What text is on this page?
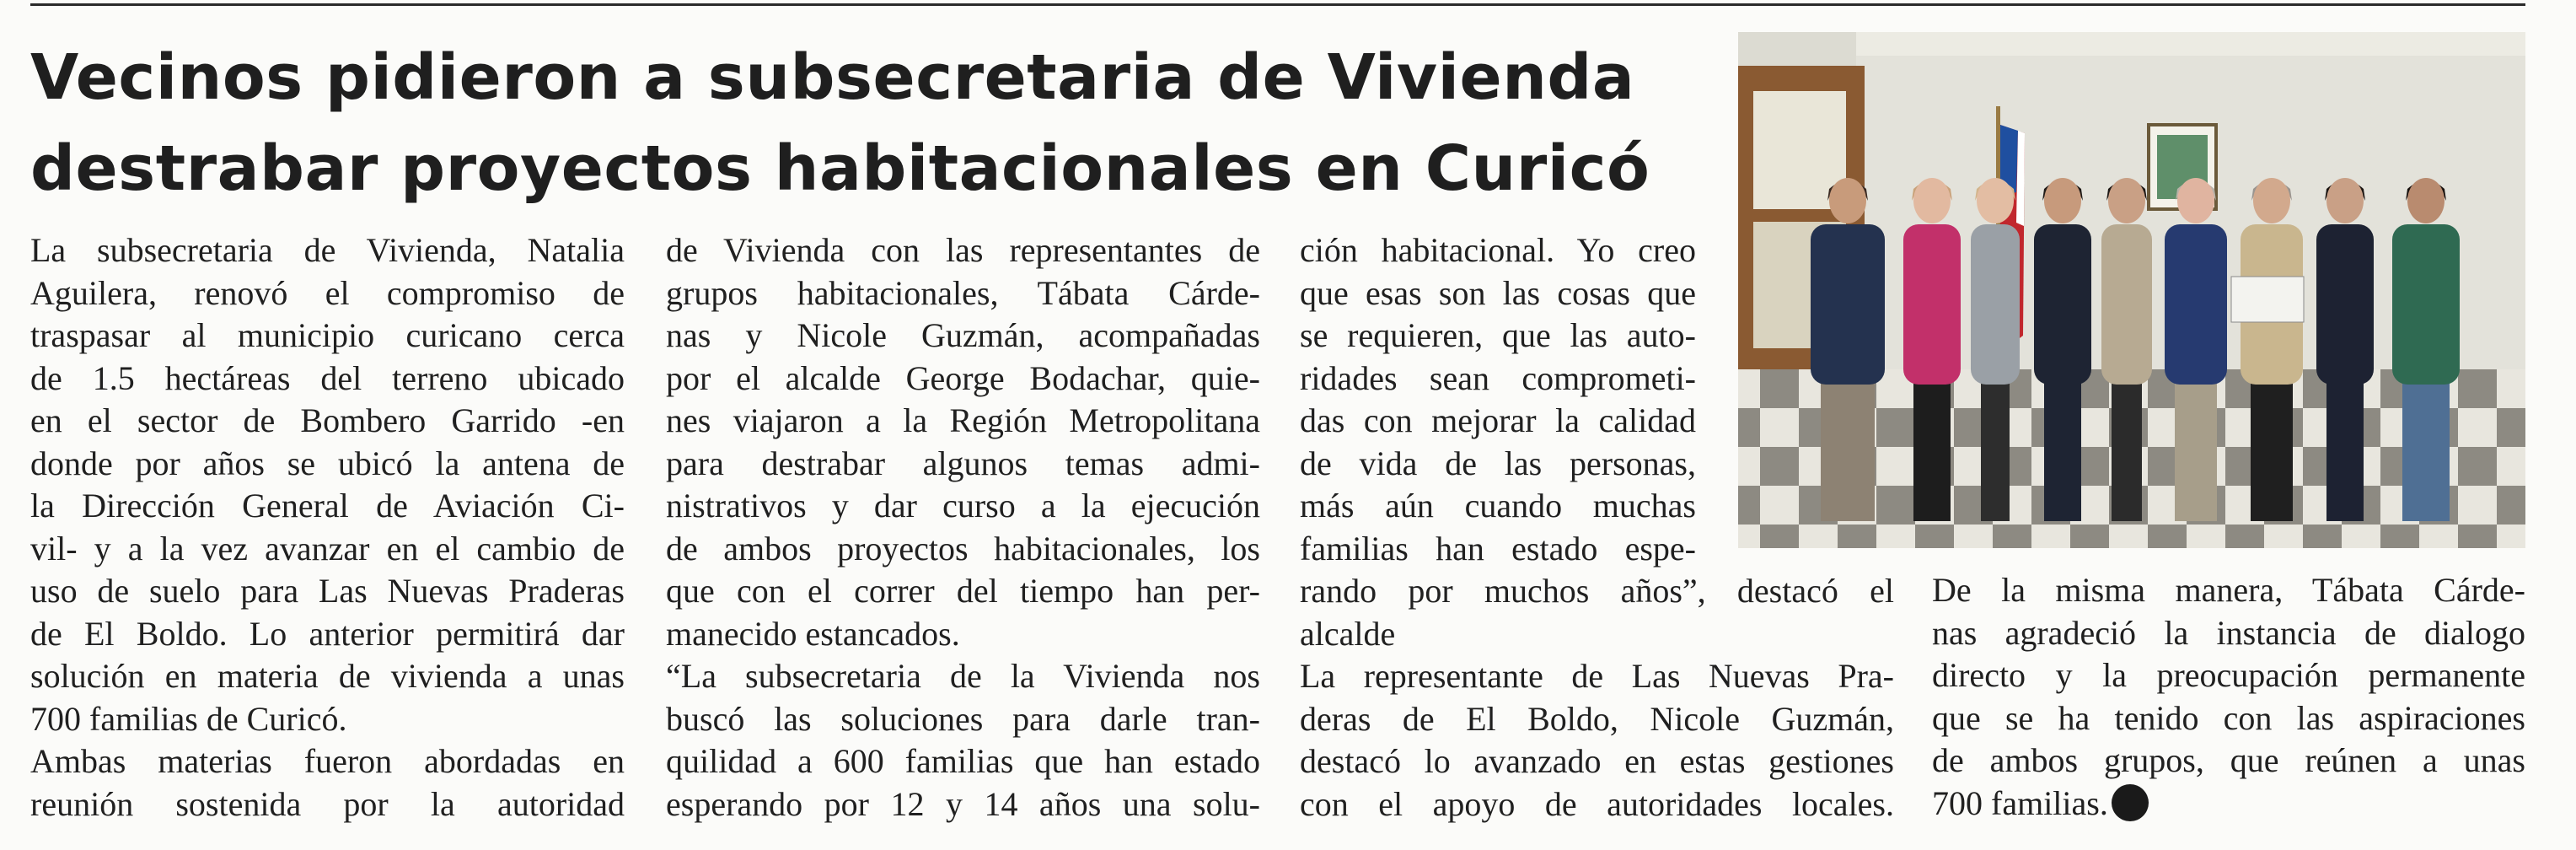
Vecinos pidieron a subsecretaria de Vivienda
destrabar proyectos habitacionales en Curicó
La subsecretaria de Vivienda, Natalia
Aguilera, renovó el compromiso de
traspasar al municipio curicano cerca
de 1.5 hectáreas del terreno ubicado
en el sector de Bombero Garrido -en
donde por años se ubicó la antena de
la Dirección General de Aviación Ci-
vil- y a la vez avanzar en el cambio de
uso de suelo para Las Nuevas Praderas
de El Boldo. Lo anterior permitirá dar
solución en materia de vivienda a unas
700 familias de Curicó.
Ambas materias fueron abordadas en
reunión sostenida por la autoridad
de Vivienda con las representantes de
grupos habitacionales, Tábata Cárde-
nas y Nicole Guzmán, acompañadas
por el alcalde George Bodachar, quie-
nes viajaron a la Región Metropolitana
para destrabar algunos temas admi-
nistrativos y dar curso a la ejecución
de ambos proyectos habitacionales, los
que con el correr del tiempo han per-
manecido estancados.
“La subsecretaria de la Vivienda nos
buscó las soluciones para darle tran-
quilidad a 600 familias que han estado
esperando por 12 y 14 años una solu-
ción habitacional. Yo creo
que esas son las cosas que
se requieren, que las auto-
ridades sean comprometi-
das con mejorar la calidad
de vida de las personas,
más aún cuando muchas
familias han estado espe-
rando por muchos años”, destacó el
alcalde
La representante de Las Nuevas Pra-
deras de El Boldo, Nicole Guzmán,
destacó lo avanzado en estas gestiones
con el apoyo de autoridades locales.
De la misma manera, Tábata Cárde-
nas agradeció la instancia de dialogo
directo y la preocupación permanente
que se ha tenido con las aspiraciones
de ambos grupos, que reúnen a unas
700 familias.
